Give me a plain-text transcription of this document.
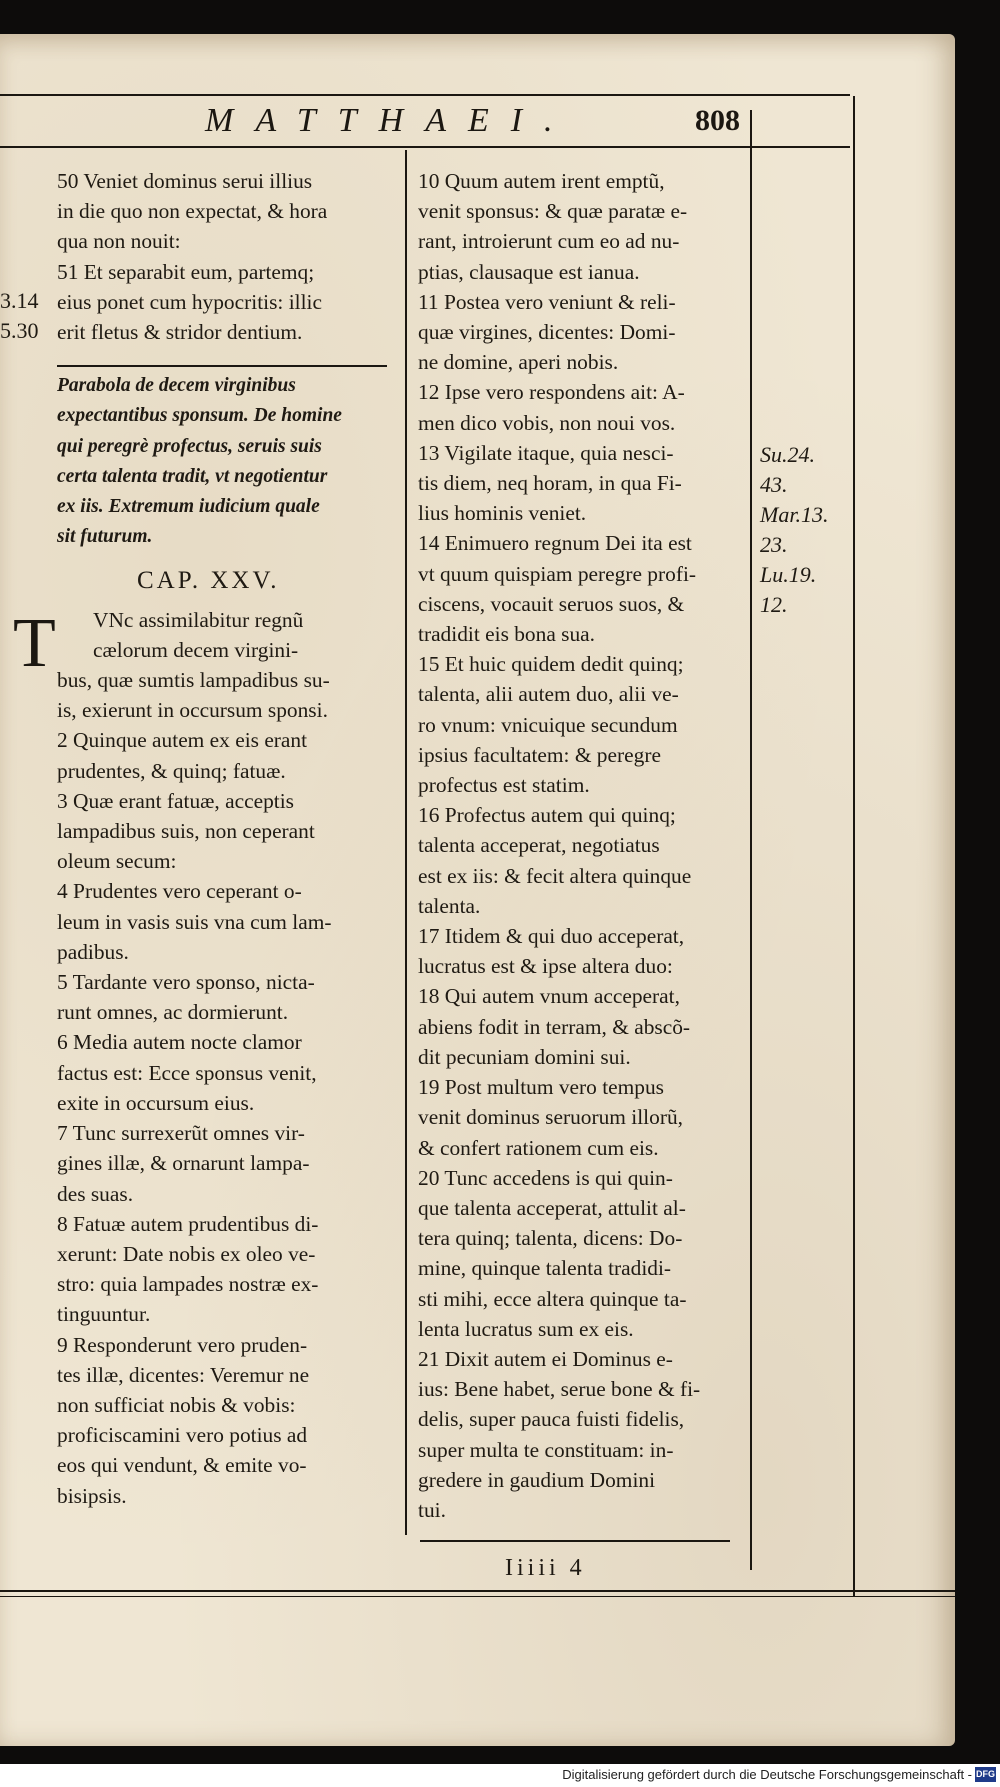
MATTHAEI.	808

50 Veniet dominus serui illius

in die quo non expectat, & hora

qua non nouit:

51 Et separabit eum, partemq;

eius ponet cum hypocritis: illic

erit fletus & stridor dentium.

Parabola de decem virginibus

expectantibus sponsum. De homine

qui peregrè profectus, seruis suis

certa talenta tradit, vt negotientur

ex iis. Extremum iudicium quale

sit futurum.

CAP. XXV.

VNc assimilabitur regnũ

cælorum decem virgini-

bus, quæ sumtis lampadibus su-

is, exierunt in occursum sponsi.

2 Quinque autem ex eis erant

prudentes, & quinq; fatuæ.

3 Quæ erant fatuæ, acceptis

lampadibus suis, non ceperant

oleum secum:

4 Prudentes vero ceperant o-

leum in vasis suis vna cum lam-

padibus.

5 Tardante vero sponso, nicta-

runt omnes, ac dormierunt.

6 Media autem nocte clamor

factus est: Ecce sponsus venit,

exite in occursum eius.

7 Tunc surrexerũt omnes vir-

gines illæ, & ornarunt lampa-

des suas.

8 Fatuæ autem prudentibus di-

xerunt: Date nobis ex oleo ve-

stro: quia lampades nostræ ex-

tinguuntur.

9 Responderunt vero pruden-

tes illæ, dicentes: Veremur ne

non sufficiat nobis & vobis:

proficiscamini vero potius ad

eos qui vendunt, & emite vo-

bisipsis.

T

10 Quum autem irent emptũ,

venit sponsus: & quæ paratæ e-

rant, introierunt cum eo ad nu-

ptias, clausaque est ianua.

11 Postea vero veniunt & reli-

quæ virgines, dicentes: Domi-

ne domine, aperi nobis.

12 Ipse vero respondens ait: A-

men dico vobis, non noui vos.

13 Vigilate itaque, quia nesci-

tis diem, neq horam, in qua Fi-

lius hominis veniet.

14 Enimuero regnum Dei ita est

vt quum quispiam peregre profi-

ciscens, vocauit seruos suos, &

tradidit eis bona sua.

15 Et huic quidem dedit quinq;

talenta, alii autem duo, alii ve-

ro vnum: vnicuique secundum

ipsius facultatem: & peregre

profectus est statim.

16 Profectus autem qui quinq;

talenta acceperat, negotiatus

est ex iis: & fecit altera quinque

talenta.

17 Itidem & qui duo acceperat,

lucratus est & ipse altera duo:

18 Qui autem vnum acceperat,

abiens fodit in terram, & abscõ-

dit pecuniam domini sui.

19 Post multum vero tempus

venit dominus seruorum illorũ,

& confert rationem cum eis.

20 Tunc accedens is qui quin-

que talenta acceperat, attulit al-

tera quinq; talenta, dicens: Do-

mine, quinque talenta tradidi-

sti mihi, ecce altera quinque ta-

lenta lucratus sum ex eis.

21 Dixit autem ei Dominus e-

ius: Bene habet, serue bone & fi-

delis, super pauca fuisti fidelis,

super multa te constituam: in-

gredere in gaudium Domini

tui.

Su.24.
43.
Mar.13.
23.
Lu.19.
12.
3.14
5.30
Iiiii 4
Digitalisierung gefördert durch die Deutsche Forschungsgemeinschaft - DFG
